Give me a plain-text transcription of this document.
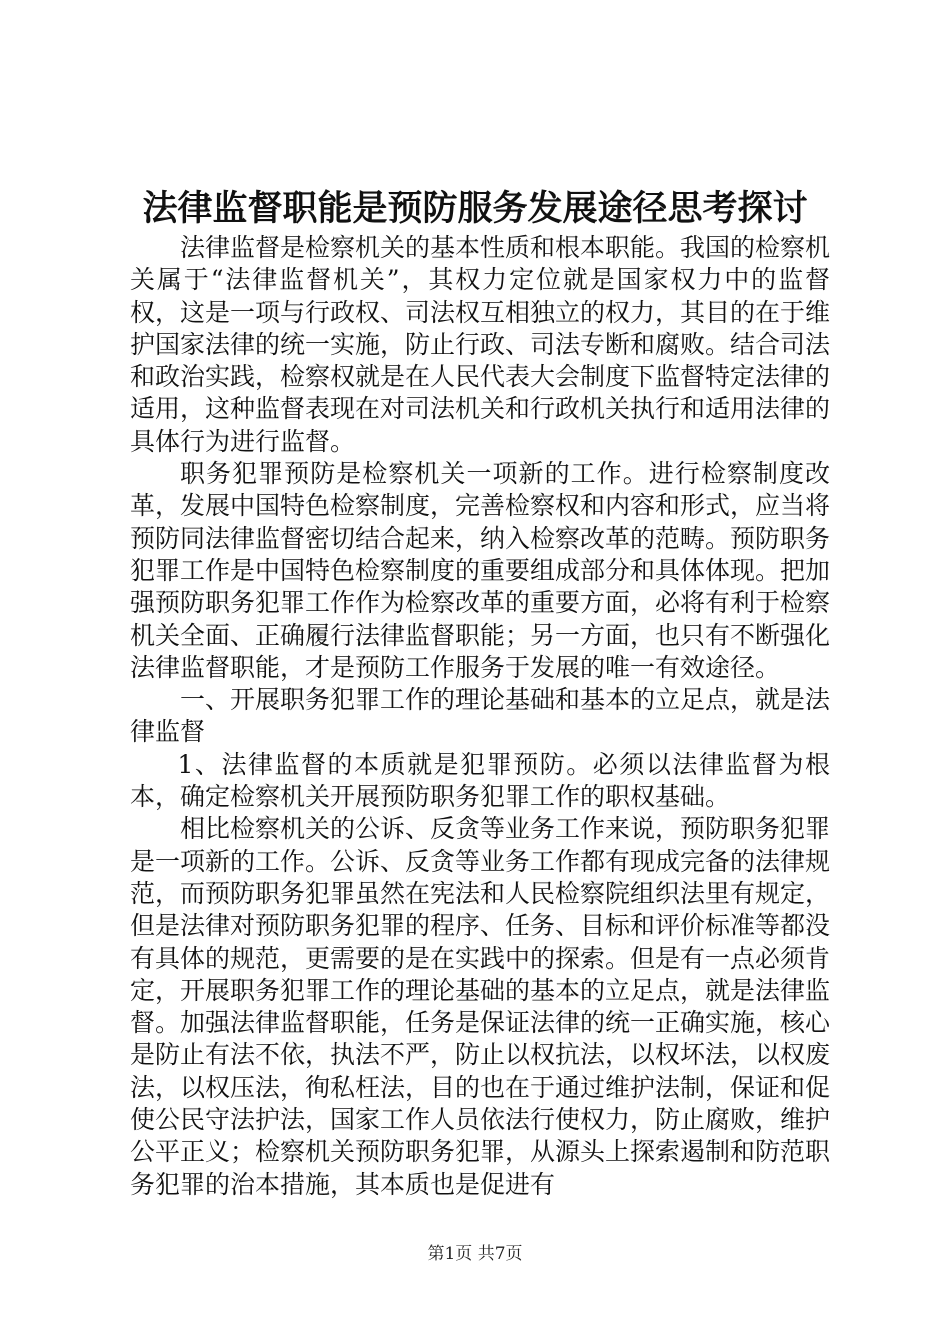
法律监督职能是预防服务发展途径思考探讨

法律监督是检察机关的基本性质和根本职能。我国的检察机关属于“法律监督机关”，其权力定位就是国家权力中的监督权，这是一项与行政权、司法权互相独立的权力，其目的在于维护国家法律的统一实施，防止行政、司法专断和腐败。结合司法和政治实践，检察权就是在人民代表大会制度下监督特定法律的适用，这种监督表现在对司法机关和行政机关执行和适用法律的具体行为进行监督。

职务犯罪预防是检察机关一项新的工作。进行检察制度改革，发展中国特色检察制度，完善检察权和内容和形式，应当将预防同法律监督密切结合起来，纳入检察改革的范畴。预防职务犯罪工作是中国特色检察制度的重要组成部分和具体体现。把加强预防职务犯罪工作作为检察改革的重要方面，必将有利于检察机关全面、正确履行法律监督职能；另一方面，也只有不断强化法律监督职能，才是预防工作服务于发展的唯一有效途径。

一、开展职务犯罪工作的理论基础和基本的立足点，就是法律监督

1、法律监督的本质就是犯罪预防。必须以法律监督为根本，确定检察机关开展预防职务犯罪工作的职权基础。

相比检察机关的公诉、反贪等业务工作来说，预防职务犯罪是一项新的工作。公诉、反贪等业务工作都有现成完备的法律规范，而预防职务犯罪虽然在宪法和人民检察院组织法里有规定，但是法律对预防职务犯罪的程序、任务、目标和评价标准等都没有具体的规范，更需要的是在实践中的探索。但是有一点必须肯定，开展职务犯罪工作的理论基础的基本的立足点，就是法律监督。加强法律监督职能，任务是保证法律的统一正确实施，核心是防止有法不依，执法不严，防止以权抗法，以权坏法，以权废法，以权压法，徇私枉法，目的也在于通过维护法制，保证和促使公民守法护法，国家工作人员依法行使权力，防止腐败，维护公平正义；检察机关预防职务犯罪，从源头上探索遏制和防范职务犯罪的治本措施，其本质也是促进有

第1页 共7页
